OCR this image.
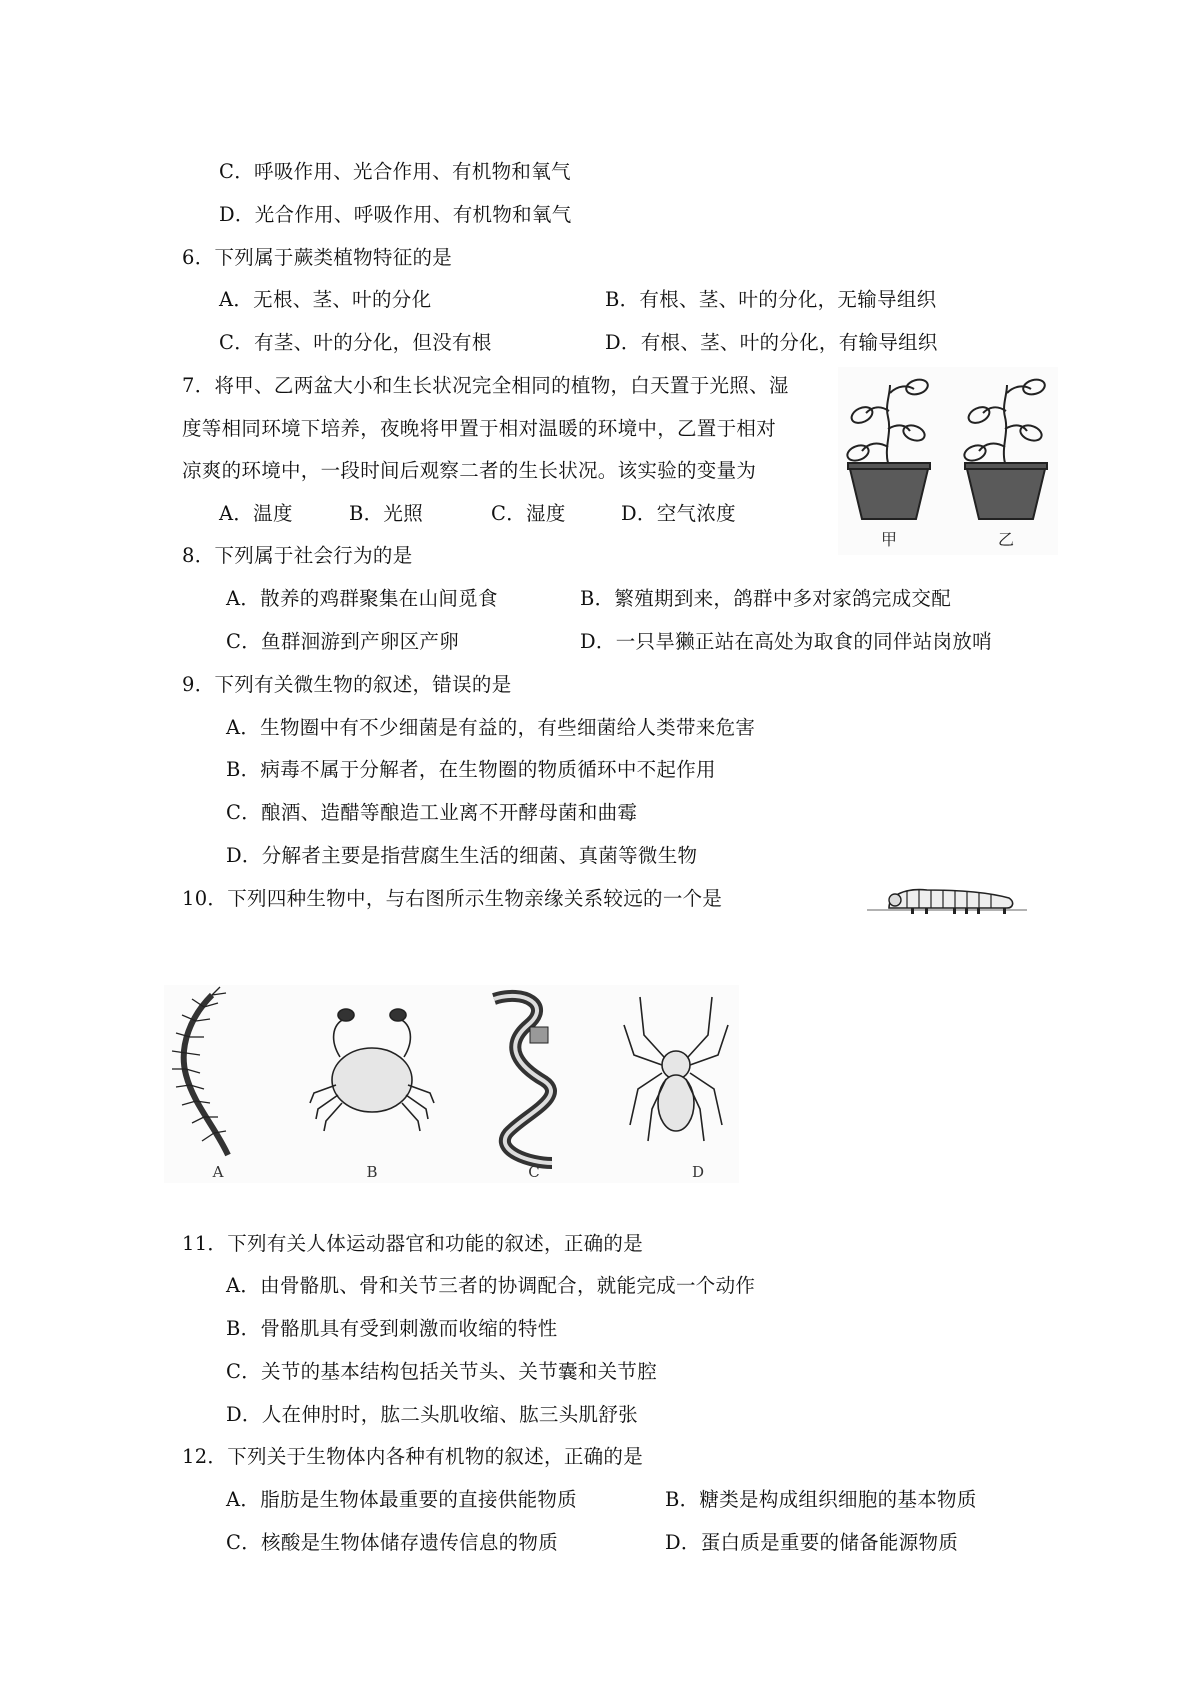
C．呼吸作用、光合作用、有机物和氧气
D．光合作用、呼吸作用、有机物和氧气
6．下列属于蕨类植物特征的是
A．无根、茎、叶的分化	B．有根、茎、叶的分化，无输导组织
C．有茎、叶的分化，但没有根	D．有根、茎、叶的分化，有输导组织
7．将甲、乙两盆大小和生长状况完全相同的植物，白天置于光照、湿
度等相同环境下培养，夜晚将甲置于相对温暖的环境中，乙置于相对
凉爽的环境中，一段时间后观察二者的生长状况。该实验的变量为
A．温度	B．光照	C．湿度	D．空气浓度
8．下列属于社会行为的是
A．散养的鸡群聚集在山间觅食	B．繁殖期到来，鸽群中多对家鸽完成交配
C．鱼群洄游到产卵区产卵	D．一只旱獭正站在高处为取食的同伴站岗放哨
9．下列有关微生物的叙述，错误的是
A．生物圈中有不少细菌是有益的，有些细菌给人类带来危害
B．病毒不属于分解者，在生物圈的物质循环中不起作用
C．酿酒、造醋等酿造工业离不开酵母菌和曲霉
D．分解者主要是指营腐生生活的细菌、真菌等微生物
10．下列四种生物中，与右图所示生物亲缘关系较远的一个是
11．下列有关人体运动器官和功能的叙述，正确的是
A．由骨骼肌、骨和关节三者的协调配合，就能完成一个动作
B．骨骼肌具有受到刺激而收缩的特性
C．关节的基本结构包括关节头、关节囊和关节腔
D．人在伸肘时，肱二头肌收缩、肱三头肌舒张
12．下列关于生物体内各种有机物的叙述，正确的是
A．脂肪是生物体最重要的直接供能物质	B．糖类是构成组织细胞的基本物质
C．核酸是生物体储存遗传信息的物质	D．蛋白质是重要的储备能源物质
甲	乙
A	B	C	D
